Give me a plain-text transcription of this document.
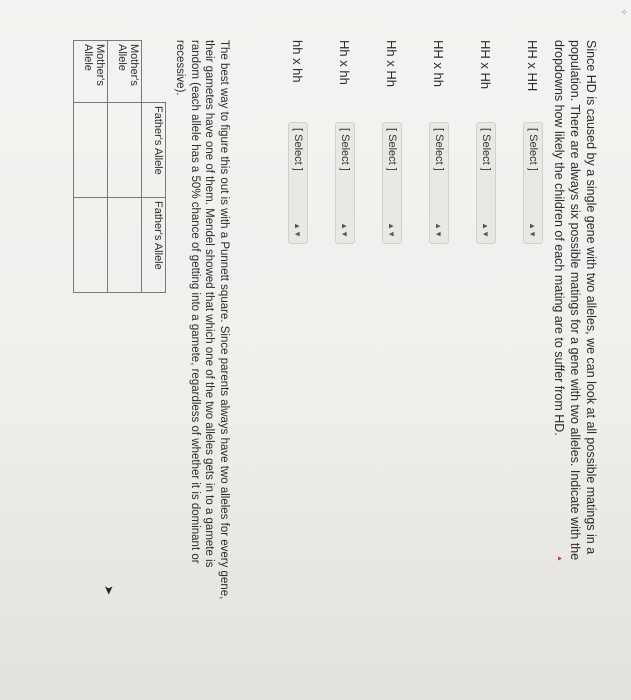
✧

Since HD is caused by a single gene with two alleles, we can look at all possible matings in a population. There are always six possible matings for a gene with two alleles. Indicate with the dropdowns how likely the children of each mating are to suffer from HD.

HH x HH
[ Select ]
▲▼
HH x Hh
[ Select ]
▲▼
HH x hh
[ Select ]
▲▼
Hh x Hh
[ Select ]
▲▼
Hh x hh
[ Select ]
▲▼
hh x hh
[ Select ]
▲▼

The best way to figure this out is with a Punnett square. Since parents always have two alleles for every gene, their gametes have one of them. Mendel showed that which one of the two alleles gets in to a gamete is random (each allele has a 50% chance of getting into a gamete, regardless of whether it is dominant or recessive).

	Father's Allele	Father's Allele
Mother's Allele		
Mother's Allele		
➤
▲
